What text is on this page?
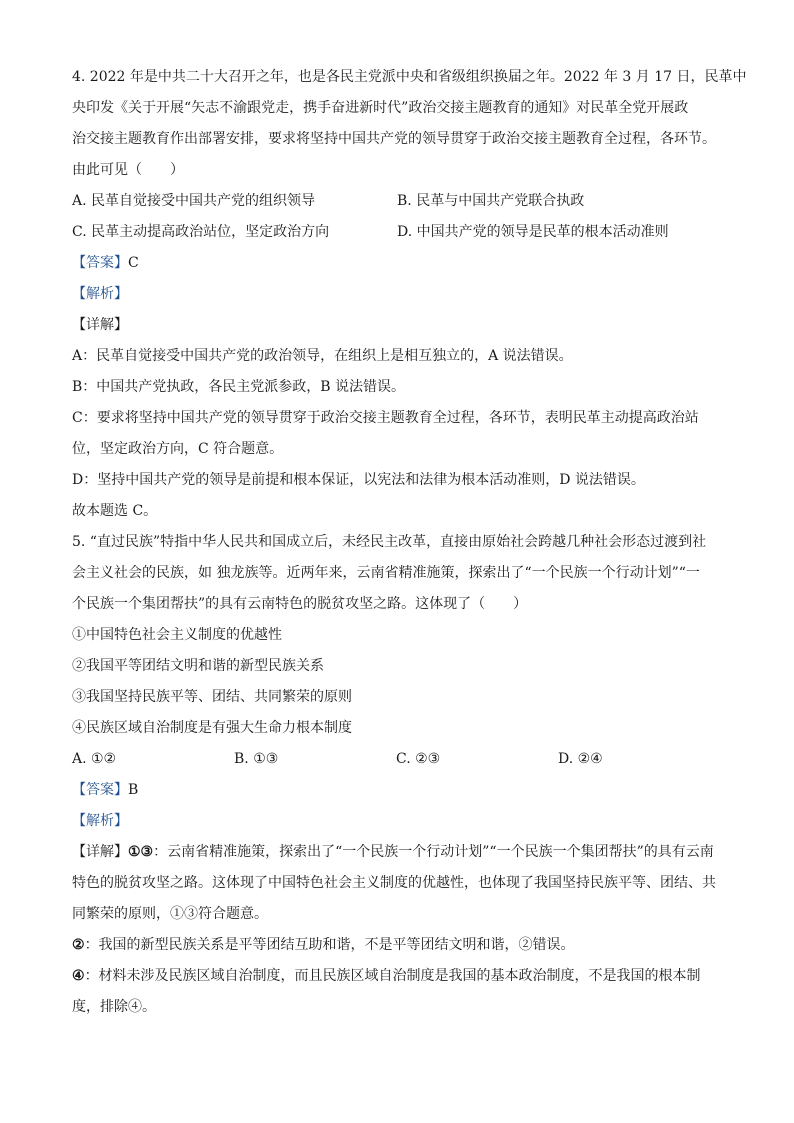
4. 2022 年是中共二十大召开之年，也是各民主党派中央和省级组织换届之年。2022 年 3 月 17 日，民革中
央印发《关于开展“矢志不渝跟党走，携手奋进新时代”政治交接主题教育的通知》对民革全党开展政
治交接主题教育作出部署安排，要求将坚持中国共产党的领导贯穿于政治交接主题教育全过程，各环节。
由此可见（　　）
A. 民革自觉接受中国共产党的组织领导	B. 民革与中国共产党联合执政
C. 民革主动提高政治站位，坚定政治方向	D. 中国共产党的领导是民革的根本活动准则
【答案】C
【解析】
【详解】
A：民革自觉接受中国共产党的政治领导，在组织上是相互独立的，A 说法错误。
B：中国共产党执政，各民主党派参政，B 说法错误。
C：要求将坚持中国共产党的领导贯穿于政治交接主题教育全过程，各环节，表明民革主动提高政治站
位，坚定政治方向，C 符合题意。
D：坚持中国共产党的领导是前提和根本保证，以宪法和法律为根本活动准则，D 说法错误。
故本题选 C。
5. “直过民族”特指中华人民共和国成立后，未经民主改革，直接由原始社会跨越几种社会形态过渡到社
会主义社会的民族，如 独龙族等。近两年来，云南省精准施策，探索出了“一个民族一个行动计划”“一
个民族一个集团帮扶”的具有云南特色的脱贫攻坚之路。这体现了（　　）
①中国特色社会主义制度的优越性
②我国平等团结文明和谐的新型民族关系
③我国坚持民族平等、团结、共同繁荣的原则
④民族区域自治制度是有强大生命力根本制度
A. ①②	B. ①③	C. ②③	D. ②④
【答案】B
【解析】
【详解】①③：云南省精准施策，探索出了“一个民族一个行动计划”“一个民族一个集团帮扶”的具有云南
特色的脱贫攻坚之路。这体现了中国特色社会主义制度的优越性，也体现了我国坚持民族平等、团结、共
同繁荣的原则，①③符合题意。
②：我国的新型民族关系是平等团结互助和谐，不是平等团结文明和谐，②错误。
④：材料未涉及民族区域自治制度，而且民族区域自治制度是我国的基本政治制度，不是我国的根本制
度，排除④。
